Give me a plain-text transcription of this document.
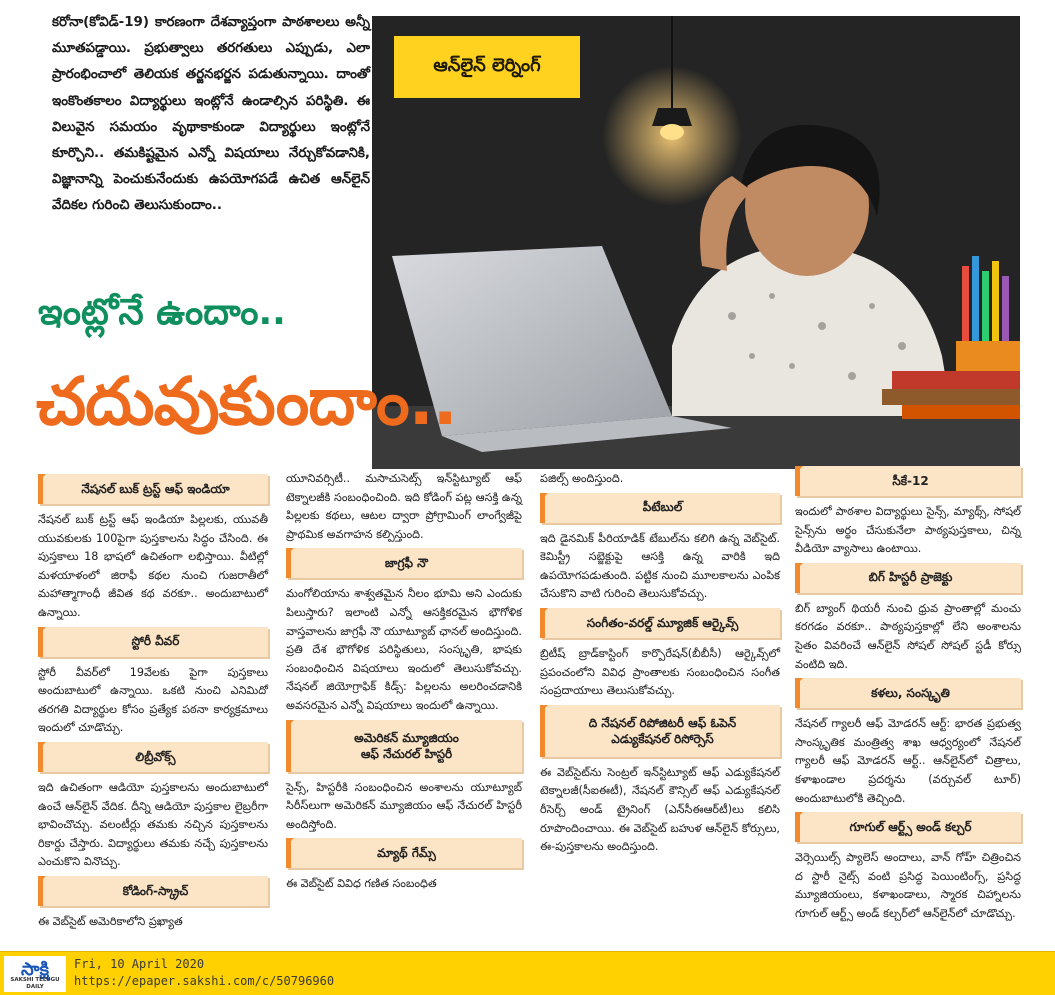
కరోనా(కోవిడ్-19) కారణంగా దేశవ్యాప్తంగా పాఠశాలలు అన్నీ మూతపడ్డాయి. ప్రభుత్వాలు తరగతులు ఎప్పుడు, ఎలా ప్రారంభించాలో తెలియక తర్జనభర్జన పడుతున్నాయి. దాంతో ఇంకొంతకాలం విద్యార్థులు ఇంట్లోనే ఉండాల్సిన పరిస్థితి. ఈ విలువైన సమయం వృథాకాకుండా విద్యార్థులు ఇంట్లోనే కూర్చొని.. తమకిష్టమైన ఎన్నో విషయాలు నేర్చుకోవడానికి, విజ్ఞానాన్ని పెంచుకునేందుకు ఉపయోగపడే ఉచిత ఆన్‌లైన్ వేదికల గురించి తెలుసుకుందాం..

ఆన్‌లైన్ లెర్నింగ్
ఇంట్లోనే ఉందాం..
చదువుకుందాం..
నేషనల్ బుక్ ట్రస్ట్ ఆఫ్ ఇండియా

నేషనల్ బుక్ ట్రస్ట్ ఆఫ్ ఇండియా పిల్లలకు, యువతీ యువకులకు 100పైగా పుస్తకాలను సిద్ధం చేసింది. ఈ పుస్తకాలు 18 భాషలో ఉచితంగా లభిస్తాయి. వీటిల్లో మళయాళంలో జిరాఫీ కథల నుంచి గుజరాతీలో మహాత్మాగాంధీ జీవిత కథ వరకూ.. అందుబాటులో ఉన్నాయి.

స్టోరీ వీవర్

స్టోరీ వీవర్‌లో 19వేలకు పైగా పుస్తకాలు అందుబాటులో ఉన్నాయి. ఒకటి నుంచి ఎనిమిదో తరగతి విద్యార్థుల కోసం ప్రత్యేక పఠనా కార్యక్రమాలు ఇందులో చూడొచ్చు.

లిబ్రీవోక్స్

ఇది ఉచితంగా ఆడియో పుస్తకాలను అందుబాటులో ఉంచే ఆన్‌లైన్ వేదిక. దీన్ని ఆడియో పుస్తకాల లైబ్రరీగా భావించొచ్చు. వలంటీర్లు తమకు నచ్చిన పుస్తకాలను రికార్డు చేస్తారు. విద్యార్థులు తమకు నచ్చే పుస్తకాలను ఎంచుకొని వినొచ్చు.

కోడింగ్-స్క్రాచ్

ఈ వెబ్‌సైట్ అమెరికాలోని ప్రఖ్యాత

యూనివర్సిటీ.. మసాచుసెట్స్ ఇన్‌స్టిట్యూట్ ఆఫ్ టెక్నాలజీకి సంబంధించింది. ఇది కోడింగ్ పట్ల ఆసక్తి ఉన్న పిల్లలకు కథలు, ఆటల ద్వారా ప్రోగ్రామింగ్ లాంగ్వేజీపై ప్రాథమిక అవగాహన కల్పిస్తుంది.

జాగ్రఫీ నౌ

మంగోలియాను శాశ్వతమైన నీలం భూమి అని ఎందుకు పిలుస్తారు? ఇలాంటి ఎన్నో ఆసక్తికరమైన భౌగోళిక వాస్తవాలను జాగ్రఫీ నౌ యూట్యూబ్ ఛానల్ అందిస్తుంది. ప్రతి దేశ భౌగోళిక పరిస్థితులు, సంస్కృతి, భాషకు సంబంధించిన విషయాలు ఇందులో తెలుసుకోవచ్చు. నేషనల్ జియోగ్రాఫిక్ కిడ్స్: పిల్లలను అలరించడానికి అవసరమైన ఎన్నో విషయాలు ఇందులో ఉన్నాయి.

అమెరికన్ మ్యూజియం
ఆఫ్ నేచురల్ హిస్టరీ

సైన్స్, హిస్టరీకి సంబంధించిన అంశాలను యూట్యూబ్ సిరీస్‌లుగా అమెరికన్ మ్యూజియం ఆఫ్ నేచురల్ హిస్టరీ అందిస్తోంది.

మ్యాథ్ గేమ్స్

ఈ వెబ్‌సైట్ వివిధ గణిత సంబంధిత

పజిల్స్ అందిస్తుంది.

పీటేబుల్

ఇది డైనమిక్ పీరియాడిక్ టేబుల్‌ను కలిగి ఉన్న వెబ్‌సైట్. కెమిస్ట్రీ సబ్జెక్టుపై ఆసక్తి ఉన్న వారికి ఇది ఉపయోగపడుతుంది. పట్టిక నుంచి మూలకాలను ఎంపిక చేసుకొని వాటి గురించి తెలుసుకోవచ్చు.

సంగీతం-వరల్డ్ మ్యూజిక్ ఆర్కైవ్స్

బ్రిటీష్ బ్రాడ్‌కాస్టింగ్ కార్పొరేషన్(బీబీసీ) ఆర్కైవ్స్‌లో ప్రపంచంలోని వివిధ ప్రాంతాలకు సంబంధించిన సంగీత సంప్రదాయాలు తెలుసుకోవచ్చు.

ది నేషనల్ రిపోజిటరీ ఆఫ్ ఓపెన్
ఎడ్యుకేషనల్ రిసోర్సెస్

ఈ వెబ్‌సైట్‌ను సెంట్రల్ ఇన్‌స్టిట్యూట్ ఆఫ్ ఎడ్యుకేషనల్ టెక్నాలజీ(సీఐఈటీ), నేషనల్ కౌన్సిల్ ఆఫ్ ఎడ్యుకేషనల్ రీసెర్చ్ అండ్ ట్రైనింగ్ (ఎన్‌సీఈఆర్‌టీ)లు కలిసి రూపొందించాయి. ఈ వెబ్‌సైట్ బహుళ ఆన్‌లైన్ కోర్సులు, ఈ-పుస్తకాలను అందిస్తుంది.

సీకే-12

ఇందులో పాఠశాల విద్యార్థులు సైన్స్, మ్యాథ్స్, సోషల్ సైన్స్‌ను అర్థం చేసుకునేలా పాఠ్యపుస్తకాలు, చిన్న వీడియో వ్యాసాలు ఉంటాయి.

బిగ్ హిస్టరీ ప్రాజెక్టు

బిగ్ బ్యాంగ్ థియరీ నుంచి ధ్రువ ప్రాంతాల్లో మంచు కరగడం వరకూ.. పాఠ్యపుస్తకాల్లో లేని అంశాలను సైతం వివరించే ఆన్‌లైన్ సోషల్ సోషల్ స్టడీ కోర్సు వంటిది ఇది.

కళలు, సంస్కృతి

నేషనల్ గ్యాలరీ ఆఫ్ మోడరన్ ఆర్ట్: భారత ప్రభుత్వ సాంస్కృతిక మంత్రిత్వ శాఖ ఆధ్వర్యంలో నేషనల్ గ్యాలరీ ఆఫ్ మోడరన్ ఆర్ట్.. ఆన్‌లైన్‌లో చిత్రాలు, కళాఖండాల ప్రదర్శను (వర్చువల్ టూర్) అందుబాటులోకి తెచ్చింది.

గూగుల్ ఆర్ట్స్ అండ్ కల్చర్

వెర్సెయిల్స్ ప్యాలెస్ అందాలు, వాన్ గోహ్ చిత్రించిన ద స్టారీ నైట్స్ వంటి ప్రసిద్ధ పెయింటింగ్స్, ప్రసిద్ధ మ్యూజియంలు, కళాఖండాలు, స్మారక చిహ్నాలను గూగుల్ ఆర్ట్స్ అండ్ కల్చర్‌లో ఆన్‌లైన్‌లో చూడొచ్చు.

సాక్షి
SAKSHI TELUGU DAILY
Fri, 10 April 2020
https://epaper.sakshi.com/c/50796960
